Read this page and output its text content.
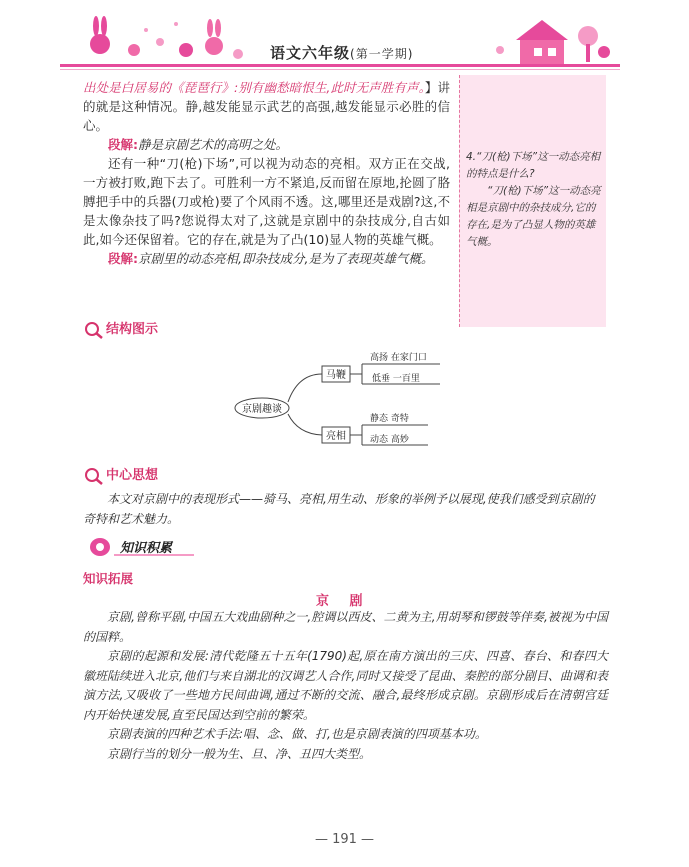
语文六年级(第一学期)

出处是白居易的《琵琶行》:别有幽愁暗恨生,此时无声胜有声。】讲的就是这种情况。静,越发能显示武艺的高强,越发能显示必胜的信心。

段解:静是京剧艺术的高明之处。

还有一种“刀(枪)下场”,可以视为动态的亮相。双方正在交战,一方被打败,跑下去了。可胜利一方不紧追,反而留在原地,抡圆了胳膊把手中的兵器(刀或枪)要了个风雨不透。这,哪里还是戏剧?这,不是太像杂技了吗?您说得太对了,这就是京剧中的杂技成分,自古如此,如今还保留着。它的存在,就是为了凸(10)显人物的英雄气概。

段解:京剧里的动态亮相,即杂技成分,是为了表现英雄气概。

4.“刀(枪)下场”这一动态亮相的特点是什么?

“刀(枪)下场”这一动态亮相是京剧中的杂技成分,它的存在,是为了凸显人物的英雄气概。

结构图示
京剧趣谈
马鞭
高扬 在家门口
低垂 一百里
亮相
静态 奇特
动态 高妙
中心思想

本文对京剧中的表现形式——骑马、亮相,用生动、形象的举例予以展现,使我们感受到京剧的奇特和艺术魅力。

知识积累
知识拓展
京 剧

京剧,曾称平剧,中国五大戏曲剧种之一,腔调以西皮、二黄为主,用胡琴和锣鼓等伴奏,被视为中国的国粹。

京剧的起源和发展:清代乾隆五十五年(1790)起,原在南方演出的三庆、四喜、春台、和春四大徽班陆续进入北京,他们与来自湖北的汉调艺人合作,同时又接受了昆曲、秦腔的部分剧目、曲调和表演方法,又吸收了一些地方民间曲调,通过不断的交流、融合,最终形成京剧。京剧形成后在清朝宫廷内开始快速发展,直至民国达到空前的繁荣。

京剧表演的四种艺术手法:唱、念、做、打,也是京剧表演的四项基本功。

京剧行当的划分一般为生、旦、净、丑四大类型。

— 191 —
